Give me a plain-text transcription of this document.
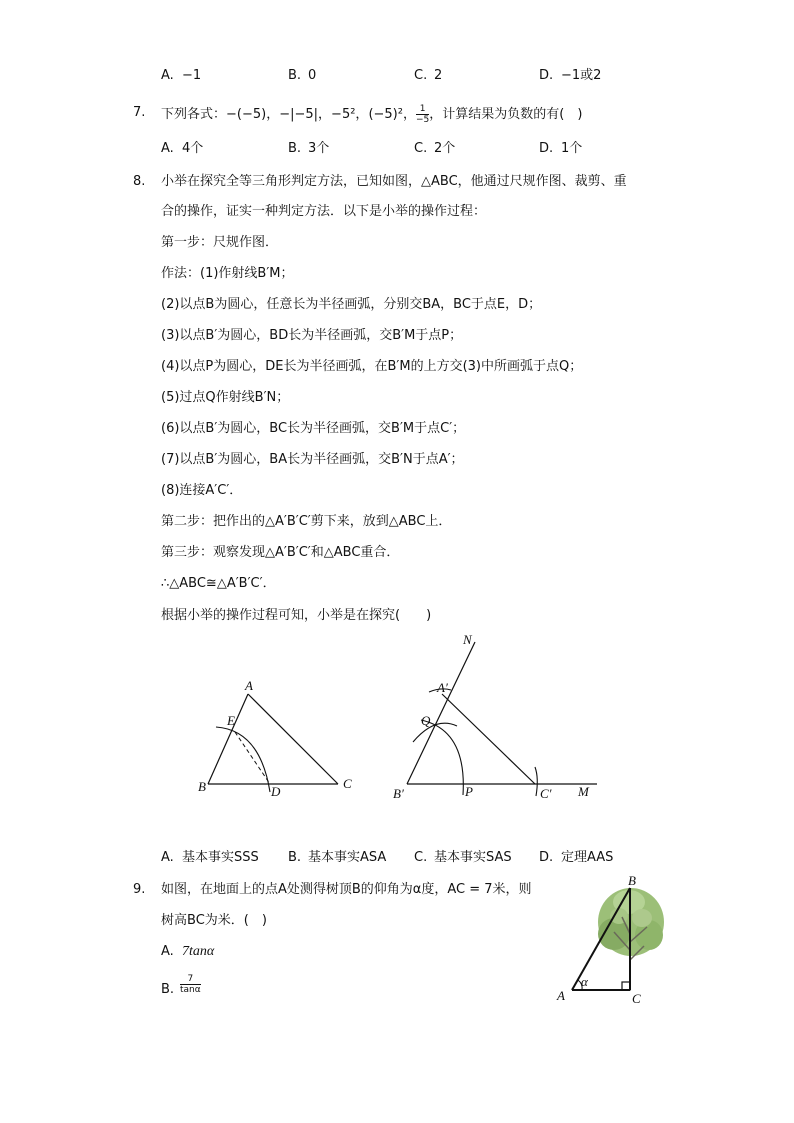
A. −1	B. 0	C. 2	D. −1或2
7. 下列各式：−(−5)，−|−5|，−5²，(−5)²， $\frac{1}{-5}$ ，计算结果为负数的有(　)
A. 4个	B. 3个	C. 2个	D. 1个
8. 小举在探究全等三角形判定方法，已知如图，△ABC，他通过尺规作图、裁剪、重
合的操作，证实一种判定方法．以下是小举的操作过程：
第一步：尺规作图．
作法：(1)作射线B′M；
(2)以点B为圆心，任意长为半径画弧，分别交BA，BC于点E，D；
(3)以点B′为圆心，BD长为半径画弧，交B′M于点P；
(4)以点P为圆心，DE长为半径画弧，在B′M的上方交(3)中所画弧于点Q；
(5)过点Q作射线B′N；
(6)以点B′为圆心，BC长为半径画弧，交B′M于点C′；
(7)以点B′为圆心，BA长为半径画弧，交B′N于点A′；
(8)连接A′C′．
第二步：把作出的△A′B′C′剪下来，放到△ABC上．
第三步：观察发现△A′B′C′和△ABC重合．
∴△ABC≅△A′B′C′．
根据小举的操作过程可知，小举是在探究(　　)
A
E
B	D
C
N
A′
Q
B′	P	C′ M
A. 基本事实SSS B. 基本事实ASA C. 基本事实SAS D. 定理AAS
9. 如图，在地面上的点A处测得树顶B的仰角为α度，AC = 7米，则
树高BC为米．(　)
A. 7tanα
B. $\frac{7}{\tan\alpha}$
B
A	C
α
